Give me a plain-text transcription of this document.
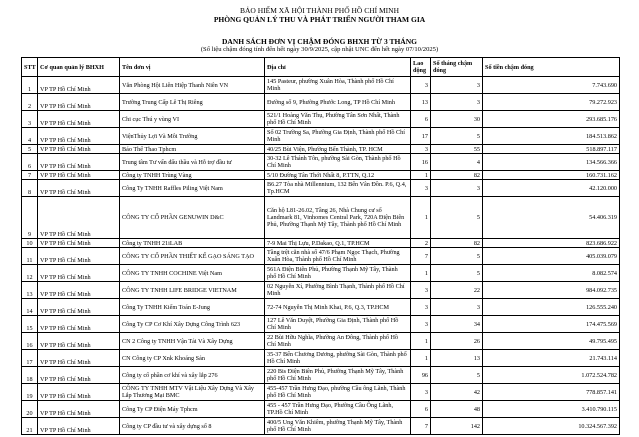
BẢO HIỂM XÃ HỘI THÀNH PHỐ HỒ CHÍ MINH
PHÒNG QUẢN LÝ THU VÀ PHÁT TRIỂN NGƯỜI THAM GIA
DANH SÁCH ĐƠN VỊ CHẬM ĐÓNG BHXH TỪ 3 THÁNG
(Số liệu chậm đóng tính đến hết ngày 30/9/2025, cập nhật UNC đến hết ngày 07/10/2025)
STT	Cơ quan quản lý BHXH	Tên đơn vị	Địa chỉ	Lao động	Số tháng chậm đóng	Số tiền chậm đóng
1	VP TP Hồ Chí Minh	Văn Phòng Hội Liên Hiệp Thanh Niên VN	145 Pasteur, phường Xuân Hòa, Thành phố Hồ Chí Minh	3	3	7.743.690
2	VP TP Hồ Chí Minh	Trường Trung Cấp Lê Thị Riêng	Đường số 9, Phường Phước Long, TP Hồ Chí Minh	13	3	79.272.923
3	VP TP Hồ Chí Minh	Chi cục Thú y vùng VI	521/1 Hoàng Văn Thụ, Phường Tân Sơn Nhất, Thành phố Hồ Chí Minh	6	30	293.685.176
4	VP TP Hồ Chí Minh	ViệnThủy Lợi Và Môi Trường	Số 02 Trường Sa, Phường Gia Định, Thành phố Hồ Chí Minh	17	5	184.513.862
5	VP TP Hồ Chí Minh	Báo Thể Thao Tphcm	40/25 Bùi Viện, Phường Bến Thành, TP. HCM	3	55	518.897.117
6	VP TP Hồ Chí Minh	Trung tâm Tư vấn đấu thầu và Hỗ trợ đầu tư	30-32 Lê Thánh Tôn, phường Sài Gòn, Thành phố Hồ Chí Minh	16	4	134.566.366
7	VP TP Hồ Chí Minh	Công ty TNHH Trùng Vàng	5/10 Đường Tân Thới Nhất 8, P.TTN, Q.12	1	82	160.731.162
8	VP TP Hồ Chí Minh	Công Ty TNHH Raffles Piling Việt Nam	B6.27 Tòa nhà Millennium, 132 Bến Vân Đồn. P.6, Q.4, Tp.HCM	3	3	42.120.000
9	VP TP Hồ Chí Minh	CÔNG TY CỔ PHẦN GENUWIN D&C	Căn hộ L81-26.02, Tầng 26, Nhà Chung cư số Landmark 81, Vinhomes Central Park, 720A Điện Biên Phủ, Phường Thạnh Mỹ Tây, Thành phố Hồ Chí Minh	1	5	54.406.319
10	VP TP Hồ Chí Minh	Công ty TNHH 21iLAB	7-9 Mai Thị Lựu, P.Dakao, Q.1, TP.HCM	2	82	823.686.922
11	VP TP Hồ Chí Minh	CÔNG TY CỔ PHẦN THIẾT KẾ GẠO SÁNG TẠO	Tầng trệt căn nhà số 47/6 Phạm Ngọc Thạch, Phường Xuân Hòa, Thành phố Hồ Chí Minh	7	5	405.039.079
12	VP TP Hồ Chí Minh	CÔNG TY TNHH COCHINE Việt Nam	561A Điện Biên Phủ, Phường Thạnh Mỹ Tây, Thành phố Hồ Chí Minh	1	5	8.082.574
13	VP TP Hồ Chí Minh	CÔNG TY TNHH LIFE BRIDGE VIETNAM	02 Nguyễn Xí, Phường Bình Thạnh, Thành phố Hồ Chí Minh	3	22	984.092.735
14	VP TP Hồ Chí Minh	Công Ty TNHH Kiểm Toán E-Jung	72-74 Nguyễn Thị Minh Khai, P.6, Q.3, TP.HCM	3	3	126.555.240
15	VP TP Hồ Chí Minh	Công Ty CP Cơ Khí Xây Dựng Công Trình 623	127 Lê Văn Duyệt, Phường Gia Định, Thành phố Hồ Chí Minh	3	34	174.475.569
16	VP TP Hồ Chí Minh	CN 2 Công ty TNHH Vận Tải Và Xây Dựng	22 Bùi Hữu Nghĩa, Phường An Đông, Thành phố Hồ Chí Minh	1	26	49.795.495
17	VP TP Hồ Chí Minh	CN Công ty CP Xnk Khoáng Sản	35-37 Bến Chương Dương, phường Sài Gòn, Thành phố Hồ Chí Minh	1	13	21.743.114
18	VP TP Hồ Chí Minh	Công ty cổ phần cơ khí và xây lắp 276	220 Bis Điện Biên Phủ, Phường Thạnh Mỹ Tây, Thành phố Hồ Chí Minh	96	5	1.072.524.782
19	VP TP Hồ Chí Minh	CÔNG TY TNHH MTV Vật Liệu Xây Dựng Và Xây Lắp Thương Mại BMC	455-457 Trần Hưng Đạo, phường Cầu ông Lãnh, Thành phố Hồ Chí Minh	3	42	778.857.141
20	VP TP Hồ Chí Minh	Công Ty CP Điện Máy Tphcm	455 - 457 Trần Hưng Đạo, Phường Cầu Ông Lãnh, TP.Hồ Chí Minh	6	48	3.410.790.115
21	VP TP Hồ Chí Minh	Công ty CP đầu tư và xây dựng số 8	400/5 Ung Văn Khiêm, phường Thạnh Mỹ Tây, Thành phố Hồ Chí Minh	7	142	10.324.567.392
